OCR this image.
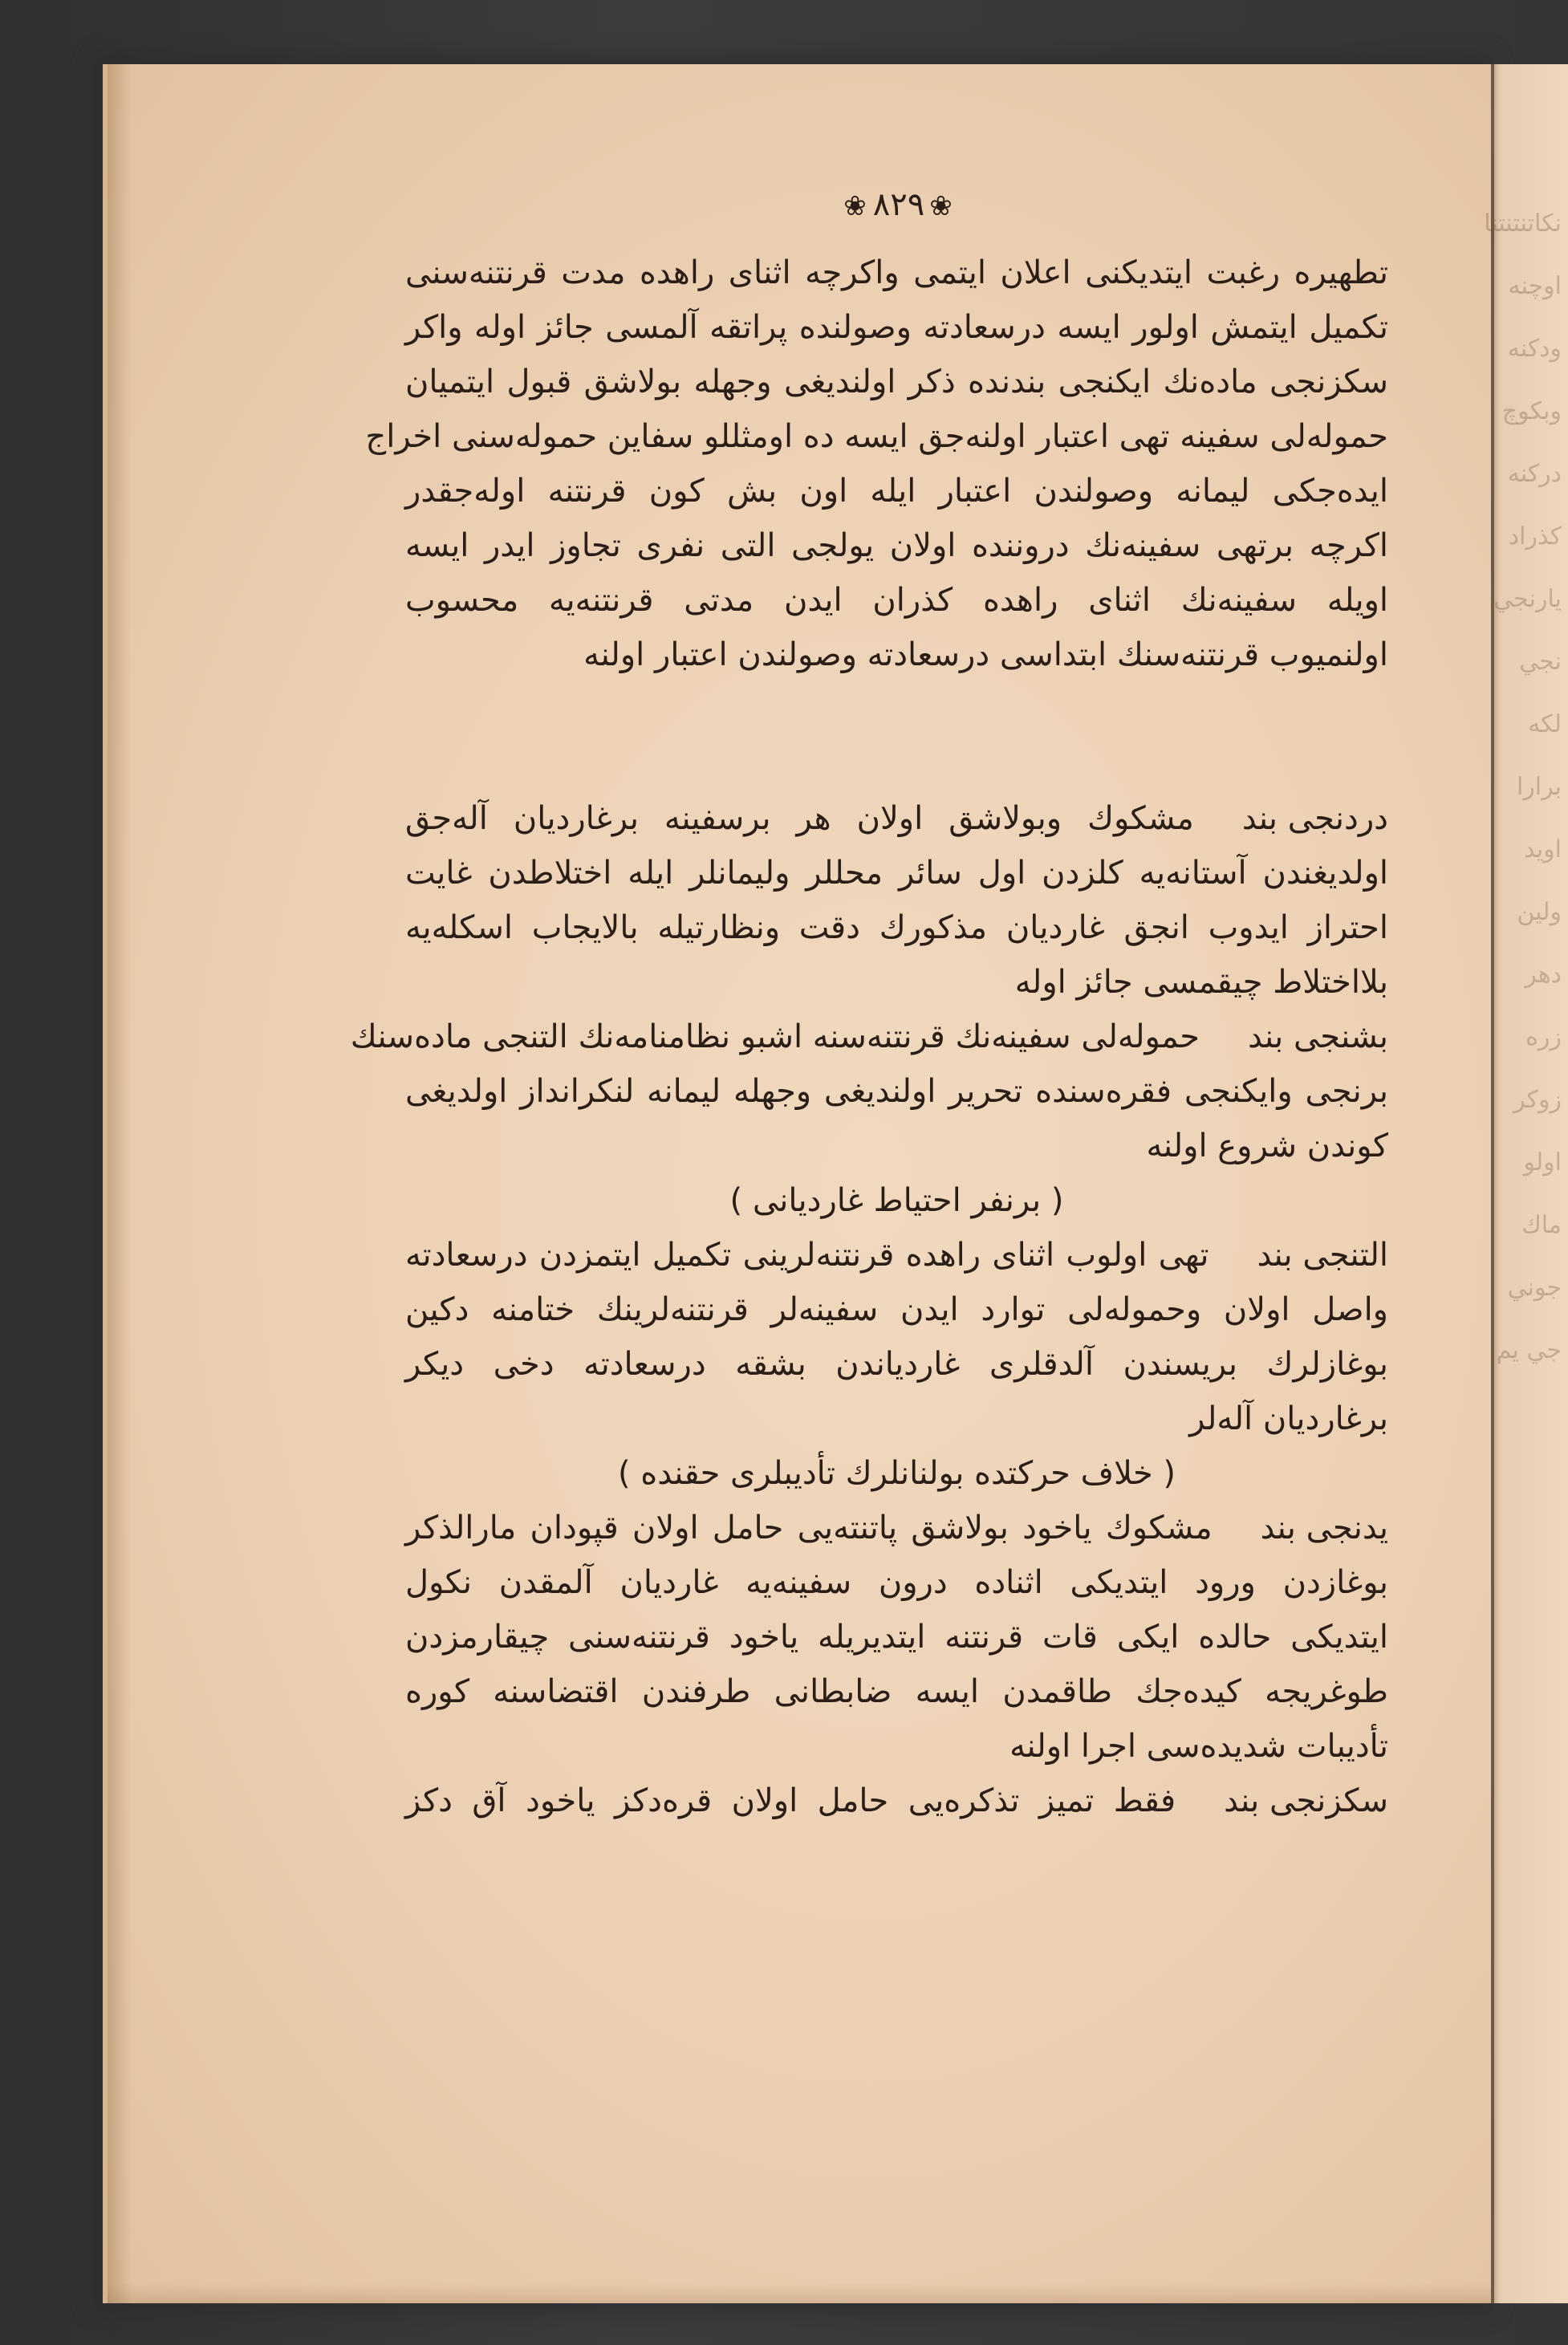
نكاتنتنتنا
اوچنه
ودكنه
وبكوچ
دركنه
كذراد
يارنجي
نجي
لكه
برارا
اويد
ولين
دهر
زره
زوكر
اولو
ماك
جوني
جي يم
❀۸۲۹❀
تطهیره رغبت ایتدیکنی اعلان ایتمی واکرچه اثنای راهده مدت قرنتنه‌سنی
تکمیل ایتمش اولور ایسه درسعادته وصولنده پراتقه آلمسی جائز اوله واکر
سکزنجی ماده‌نك ایکنجی بندنده ذکر اولندیغی وجهله بولاشق قبول ایتمیان
حموله‌لی سفینه تهی اعتبار اولنه‌جق ایسه ده اومثللو سفاین حموله‌سنی اخراج
ایده‌جکی لیمانه وصولندن اعتبار ایله اون بش کون قرنتنه اوله‌جقدر
اکرچه برتهی سفینه‌نك دروننده اولان یولجی التی نفری تجاوز ایدر ایسه
اویله سفینه‌نك اثنای راهده کذران ایدن مدتی قرنتنه‌یه محسوب
اولنمیوب قرنتنه‌سنك ابتداسی درسعادته وصولندن اعتبار اولنه
دردنجی بندمشکوك وبولاشق اولان هر برسفینه برغاردیان آله‌جق
اولدیغندن آستانه‌یه کلزدن اول سائر محللر ولیمانلر ایله اختلاطدن غایت
احتراز ایدوب انجق غاردیان مذکورك دقت ونظارتیله بالایجاب اسکله‌یه
بلااختلاط چیقمسی جائز اوله
بشنجی بندحموله‌لی سفینه‌نك قرنتنه‌سنه اشبو نظامنامه‌نك التنجی ماده‌سنك
برنجی وایکنجی فقره‌سنده تحریر اولندیغی وجهله لیمانه لنکرانداز اولدیغی
کوندن شروع اولنه
( برنفر احتیاط غاردیانی )
التنجی بندتهی اولوب اثنای راهده قرنتنه‌لرینی تکمیل ایتمزدن درسعادته
واصل اولان وحموله‌لی توارد ایدن سفینه‌لر قرنتنه‌لرینك ختامنه دکین
بوغازلرك بریسندن آلدقلری غاردیاندن بشقه درسعادته دخی دیکر
برغاردیان آله‌لر
( خلاف حرکتده بولنانلرك تأدیبلری حقنده )
یدنجی بندمشکوك یاخود بولاشق پاتنته‌یی حامل اولان قپودان مارالذکر
بوغازدن ورود ایتدیکی اثناده درون سفینه‌یه غاردیان آلمقدن نکول
ایتدیکی حالده ایکی قات قرنتنه ایتدیریله یاخود قرنتنه‌سنی چیقارمزدن
طوغریجه کیده‌جك طاقمدن ایسه ضابطانی طرفندن اقتضاسنه کوره
تأدیبات شدیده‌سی اجرا اولنه
سکزنجی بندفقط تمیز تذکره‌یی حامل اولان قره‌دکز یاخود آق دکز
